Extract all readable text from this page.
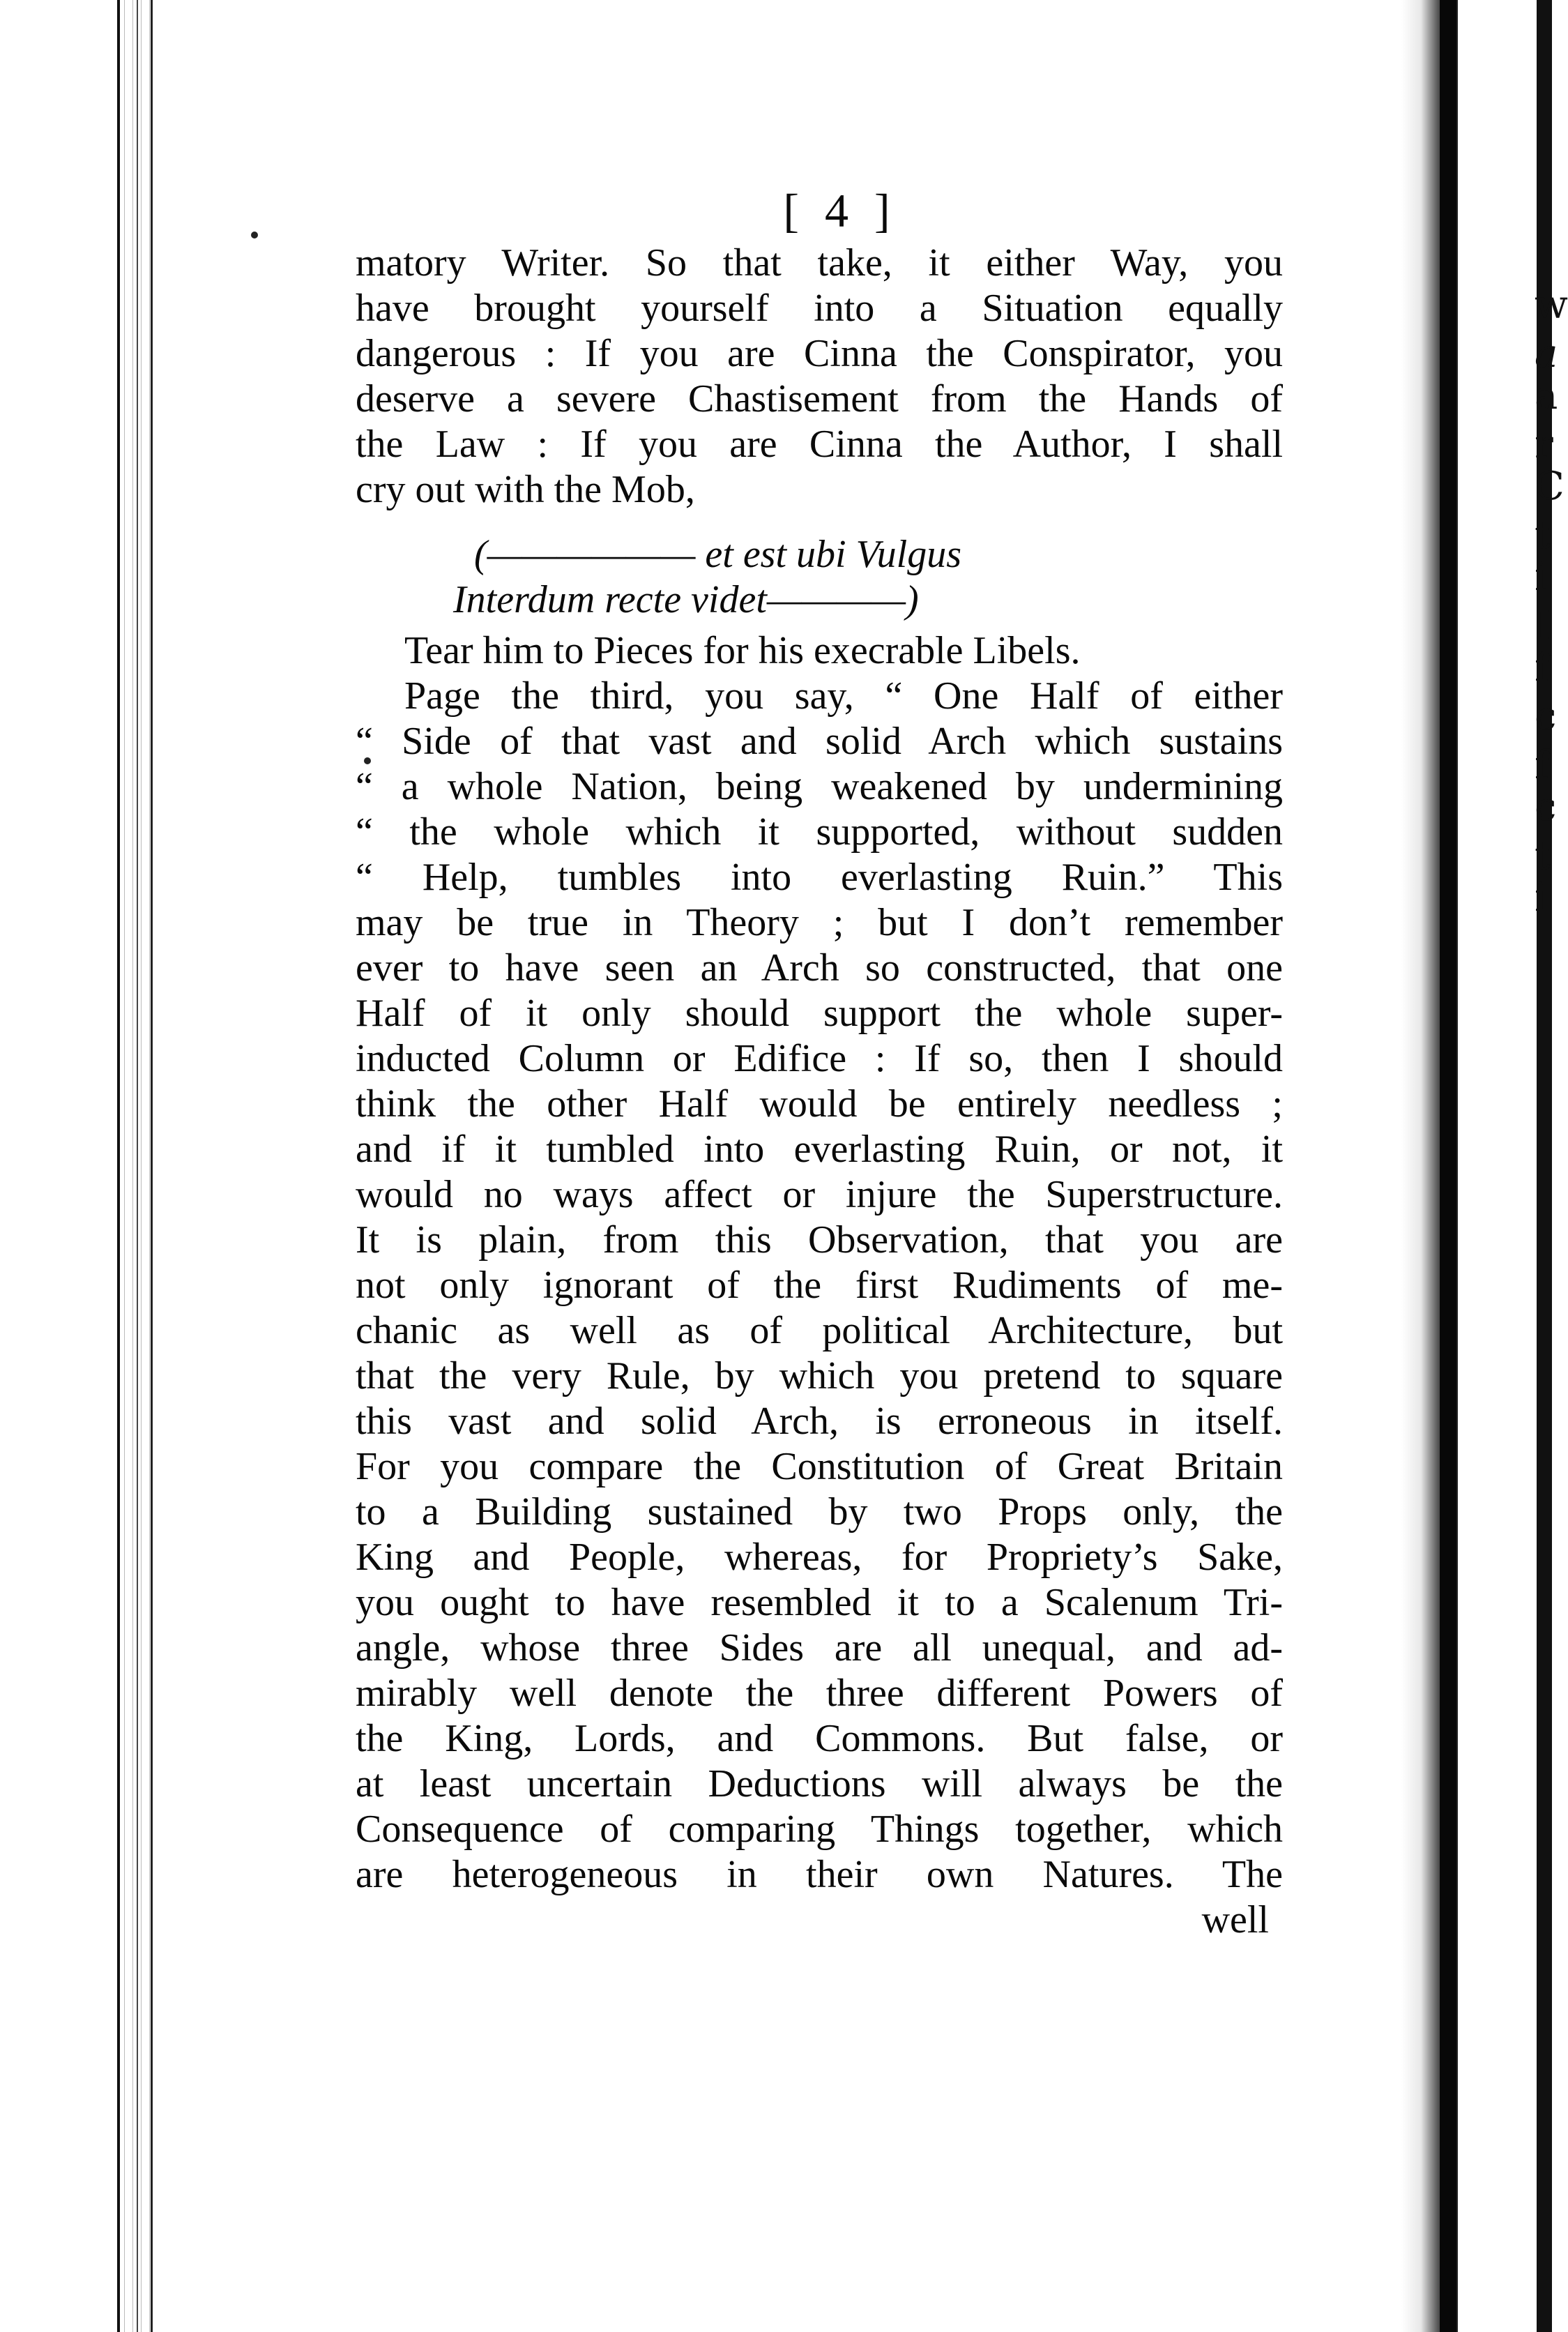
[ 4 ]
matory Writer. So that take, it either Way, you
have brought yourself into a Situation equally
dangerous : If you are Cinna the Conspirator, you
deserve a severe Chastisement from the Hands of
the Law : If you are Cinna the Author, I shall
cry out with the Mob,
(—————— et est ubi Vulgus
Interdum recte videt————)
Tear him to Pieces for his execrable Libels.
Page the third, you say, “ One Half of either
“ Side of that vast and solid Arch which sustains
“ a whole Nation, being weakened by undermining
“ the whole which it supported, without sudden
“ Help, tumbles into everlasting Ruin.” This
may be true in Theory ; but I don’t remember
ever to have seen an Arch so constructed, that one
Half of it only should support the whole super-
inducted Column or Edifice : If so, then I should
think the other Half would be entirely needless ;
and if it tumbled into everlasting Ruin, or not, it
would no ways affect or injure the Superstructure.
It is plain, from this Observation, that you are
not only ignorant of the first Rudiments of me-
chanic as well as of political Architecture, but
that the very Rule, by which you pretend to square
this vast and solid Arch, is erroneous in itself.
For you compare the Constitution of Great Britain
to a Building sustained by two Props only, the
King and People, whereas, for Propriety’s Sake,
you ought to have resembled it to a Scalenum Tri-
angle, whose three Sides are all unequal, and ad-
mirably well denote the three different Powers of
the King, Lords, and Commons. But false, or
at least uncertain Deductions will always be the
Consequence of comparing Things together, which
are heterogeneous in their own Natures. The
well
w
a
a
r
C
t
i
I
f
c
f
c
t
i
